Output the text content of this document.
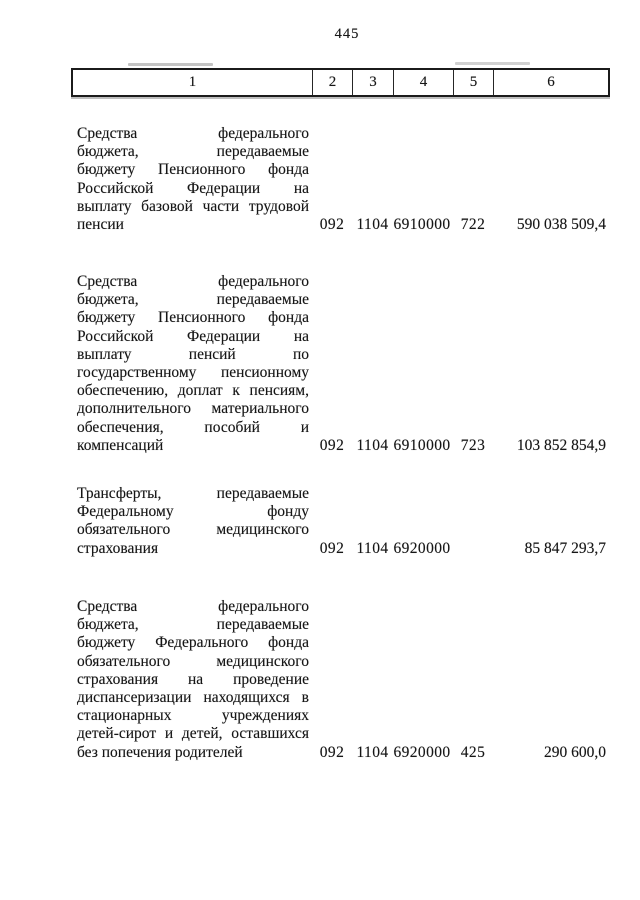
445
1	2	3	4	5	6
Средства федерального
бюджета, передаваемые
бюджету Пенсионного фонда
Российской Федерации на
выплату базовой части трудовой
пенсии	092 1104 6910000 722	590 038 509,4
Средства федерального
бюджета, передаваемые
бюджету Пенсионного фонда
Российской Федерации на
выплату пенсий по
государственному пенсионному
обеспечению, доплат к пенсиям,
дополнительного материального
обеспечения, пособий и
компенсаций	092 1104 6910000 723	103 852 854,9
Трансферты, передаваемые
Федеральному фонду
обязательного медицинского
страхования	092 1104 6920000	85 847 293,7
Средства федерального
бюджета, передаваемые
бюджету Федерального фонда
обязательного медицинского
страхования на проведение
диспансеризации находящихся в
стационарных учреждениях
детей-сирот и детей, оставшихся
без попечения родителей	092 1104 6920000 425	290 600,0
